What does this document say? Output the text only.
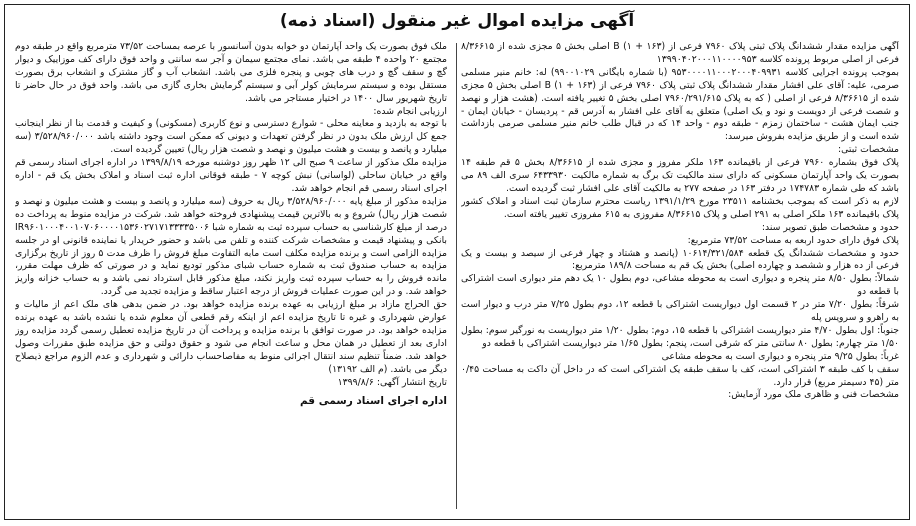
آگهی مزایده اموال غیر منقول (اسناد ذمه)

آگهی مزایده مقدار ششدانگ پلاک ثبتی پلاک ۷۹۶۰ فرعی از (۱۶۳ + ۱) B اصلی بخش ۵ مجزی شده از ۸/۳۶۶۱۵ فرعی از اصلی مربوط پرونده کلاسه ۱۳۹۹۰۴۰۲۰۰۰۱۱۰۰۰۰۹۵۳
بموجب پرونده اجرایی کلاسه ۹۵۳۰۰۰۰۱۱۰۰۰۲۰۰۰۴۰۹۹۳۱ (با شماره بایگانی ۹۹۰۰۱۰۲۹) له: خانم منیر مسلمی صرمی، علیه: آقای علی افشار مقدار ششدانگ پلاک ثبتی پلاک ۷۹۶۰ فرعی از (۱۶۳ + ۱) B اصلی بخش ۵ مجزی شده از ۸/۳۶۶۱۵ فرعی از اصلی ( که به پلاک ۷۹۶۰/۲۹۱/۶۱۵ اصلی بخش ۵ تغییر یافته است. (هشت هزار و نهصد و شصت فرعی از دویست و نود و یک اصلی) متعلق به آقای علی افشار به آدرس قم - پردیسان - خیابان ایمان - جنب ایمان هشت - ساختمان زمزم - طبقه دوم - واحد ۱۴ که در قبال طلب خانم منیر مسلمی صرمی بازداشت شده است و از طریق مزایده بفروش میرسد:
مشخصات ثبتی:
پلاک فوق بشماره ۷۹۶۰ فرعی از باقیمانده ۱۶۳ ملکر مفروز و مجزی شده از ۸/۳۶۶۱۵ بخش ۵ قم طبقه ۱۴ بصورت یک واحد آپارتمان مسکونی که دارای سند مالکیت تک برگ به شماره مالکیت ۶۴۳۳۹۳۰ سری الف ۸۹ می باشد که طی شماره ۱۷۴۷۸۳ در دفتر ۱۶۳ در صفحه ۲۷۷ به مالکیت آقای علی افشار ثبت گردیده است.
لازم به ذکر است که بموجب بخشنامه ۲۳۵۱۱ مورخ ۱۳۹۱/۱/۲۹ ریاست محترم سازمان ثبت اسناد و املاک کشور پلاک باقیمانده ۱۶۳ ملکر اصلی به ۲۹۱ اصلی و پلاک ۸/۳۶۶۱۵ مفروزی به ۶۱۵ مفروزی تغییر یافته است.
حدود و مشخصات طبق تصویر سند:
پلاک فوق دارای حدود اربعه به مساحت ۷۳/۵۲ مترمربع:
حدود و مشخصات ششدانگ یک قطعه ۱۰۶۱۴/۳۲۱/۵۸۴ (پانصد و هشتاد و چهار فرعی از سیصد و بیست و یک فرعی از ده هزار و ششصد و چهارده اصلی) بخش یک قم به مساحت ۱۸۹/۸ مترمربع:
شمالاً: بطول ۸/۵۰ متر پنجره و دیواری است به محوطه مشاعی، دوم بطول ۱۰ یک دهم متر دیواری است اشتراکی با قطعه دو
شرقاً: بطول ۷/۲۰ متر در ۲ قسمت اول دیواریست اشتراکی با قطعه ۱۲، دوم بطول ۷/۲۵ متر درب و دیوار است به راهرو و سرویس پله
جنوباً: اول بطول ۴/۷۰ متر دیواریست اشتراکی با قطعه ۱۵، دوم: بطول ۱/۲۰ متر دیواریست به نورگیر سوم: بطول ۱/۵۰ متر چهارم: بطول ۸۰ سانتی متر که شرقی است، پنجم: بطول ۱/۶۵ متر دیواریست اشتراکی با قطعه دو
غرباً: بطول ۹/۲۵ متر پنجره و دیواری است به محوطه مشاعی
سقف با کف طبقه ۳ اشتراکی است، کف با سقف طبقه یک اشتراکی است که در داخل آن داکت به مساحت ۰/۴۵ متر (۴۵ دسیمتر مربع) قرار دارد.
مشخصات فنی و ظاهری ملک مورد آزمایش:

ملک فوق بصورت یک واحد آپارتمان دو خوابه بدون آسانسور با عرصه بمساحت ۷۳/۵۲ مترمربع واقع در طبقه دوم مجتمع ۲۰ واحده ۴ طبقه می باشد. نمای مجتمع سیمان و آجر سه سانتی و واحد فوق دارای کف موزاییک و دیوار گچ و سقف گچ و درب های چوبی و پنجره فلزی می باشد. انشعاب آب و گاز مشترک و انشعاب برق بصورت مستقل بوده و سیستم سرمایش کولر آبی و سیستم گرمایش بخاری گازی می باشد. واحد فوق در حال حاضر تا تاریخ شهریور سال ۱۴۰۰ در اختیار مستاجر می باشد.
ارزیابی انجام شده:
با توجه به بازدید و معاینه محلی - شوارع دسترسی و نوع کاربری (مسکونی) و کیفیت و قدمت بنا از نظر اینجانب جمع کل ارزش ملک بدون در نظر گرفتن تعهدات و دیونی که ممکن است وجود داشته باشد ۳/۵۲۸/۹۶۰/۰۰۰ (سه میلیارد و پانصد و بیست و هشت میلیون و نهصد و شصت هزار ریال) تعیین گردیده است.
مزایده ملک مذکور از ساعت ۹ صبح الی ۱۲ ظهر روز دوشنبه مورخه ۱۳۹۹/۸/۱۹ در اداره اجرای اسناد رسمی قم واقع در خیابان ساحلی (لواسانی) نبش کوچه ۷ - طبقه فوقانی اداره ثبت اسناد و املاک بخش یک قم - اداره اجرای اسناد رسمی قم انجام خواهد شد.
مزایده مذکور از مبلغ پایه ۳/۵۲۸/۹۶۰/۰۰۰ ریال به حروف (سه میلیارد و پانصد و بیست و هشت میلیون و نهصد و شصت هزار ریال) شروع و به بالاترین قیمت پیشنهادی فروخته خواهد شد. شرکت در مزایده منوط به پرداخت ده درصد از مبلغ کارشناسی به حساب سپرده ثبت به شماره شبا IR۹۶۰۱۰۰۰۴۰۰۱۰۷۰۶۰۰۰۰۱۵۳۶۰۲۷۱۷۱۳۳۳۳۵۰۰۶ بانکی و پیشنهاد قیمت و مشخصات شرکت کننده و تلفن می باشد و حضور خریدار یا نماینده قانونی او در جلسه مزایده الزامی است و برنده مزایده مکلف است مابه التفاوت مبلغ فروش را ظرف مدت ۵ روز از تاریخ برگزاری مزایده به حساب صندوق ثبت به شماره حساب شبای مذکور تودیع نماید و در صورتی که ظرف مهلت مقرر، مانده فروش را به حساب سپرده ثبت واریز نکند، مبلغ مذکور قابل استرداد نمی باشد و به حساب خزانه واریز خواهد شد. و در این صورت عملیات فروش از درجه اعتبار ساقط و مزایده تجدید می گردد.
حق الحراج مازاد بر مبلغ ارزیابی به عهده برنده مزایده خواهد بود. در ضمن بدهی های ملک اعم از مالیات و عوارض شهرداری و غیره تا تاریخ مزایده اعم از اینکه رقم قطعی آن معلوم شده یا نشده باشد به عهده برنده مزایده خواهد بود. در صورت توافق با برنده مزایده و پرداخت آن در تاریخ مزایده تعطیل رسمی گردد مزایده روز اداری بعد از تعطیل در همان محل و ساعت انجام می شود و حقوق دولتی و حق مزایده طبق مقررات وصول خواهد شد. ضمناً تنظیم سند انتقال اجرائی منوط به مفاصاحساب دارائی و شهرداری و عدم الزوم مراجع ذیصلاح دیگر می باشد. (م الف ۱۳۱۹۲)
تاریخ انتشار آگهی: ۱۳۹۹/۸/۶

اداره اجرای اسناد رسمی قم
